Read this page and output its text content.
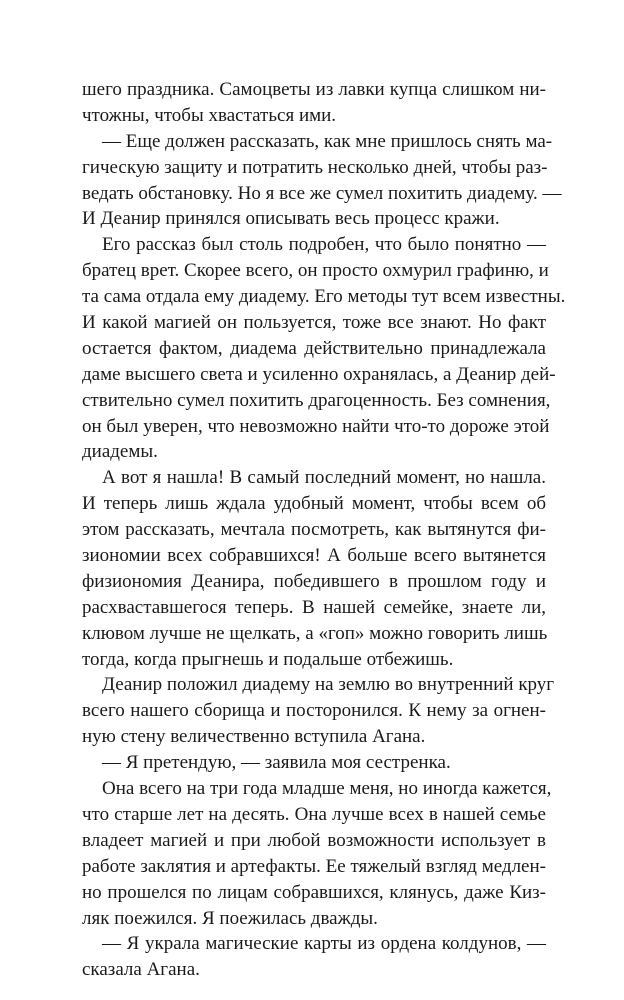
шего праздника. Самоцветы из лавки купца слишком ни-
чтожны, чтобы хвастаться ими.
— Еще должен рассказать, как мне пришлось снять ма-
гическую защиту и потратить несколько дней, чтобы раз-
ведать обстановку. Но я все же сумел похитить диадему. —
И Деанир принялся описывать весь процесс кражи.
Его рассказ был столь подробен, что было понятно —
братец врет. Скорее всего, он просто охмурил графиню, и
та сама отдала ему диадему. Его методы тут всем известны.
И какой магией он пользуется, тоже все знают. Но факт
остается фактом, диадема действительно принадлежала
даме высшего света и усиленно охранялась, а Деанир дей-
ствительно сумел похитить драгоценность. Без сомнения,
он был уверен, что невозможно найти что-то дороже этой
диадемы.
А вот я нашла! В самый последний момент, но нашла.
И теперь лишь ждала удобный момент, чтобы всем об
этом рассказать, мечтала посмотреть, как вытянутся фи-
зиономии всех собравшихся! А больше всего вытянется
физиономия Деанира, победившего в прошлом году и
расхваставшегося теперь. В нашей семейке, знаете ли,
клювом лучше не щелкать, а «гоп» можно говорить лишь
тогда, когда прыгнешь и подальше отбежишь.
Деанир положил диадему на землю во внутренний круг
всего нашего сборища и посторонился. К нему за огнен-
ную стену величественно вступила Агана.
— Я претендую, — заявила моя сестренка.
Она всего на три года младше меня, но иногда кажется,
что старше лет на десять. Она лучше всех в нашей семье
владеет магией и при любой возможности использует в
работе заклятия и артефакты. Ее тяжелый взгляд медлен-
но прошелся по лицам собравшихся, клянусь, даже Киз-
ляк поежился. Я поежилась дважды.
— Я украла магические карты из ордена колдунов, —
сказала Агана.
